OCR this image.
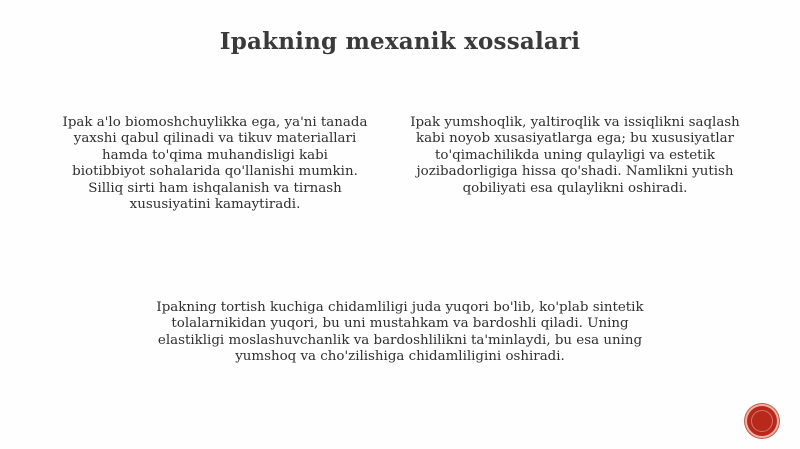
Ipakning mexanik xossalari
Ipak a'lo biomoshchuylikka ega, ya'ni tanada
yaxshi qabul qilinadi va tikuv materiallari
hamda to'qima muhandisligi kabi
biotibbiyot sohalarida qo'llanishi mumkin.
Silliq sirti ham ishqalanish va tirnash
xususiyatini kamaytiradi.
Ipak yumshoqlik, yaltiroqlik va issiqlikni saqlash
kabi noyob xusasiyatlarga ega; bu xususiyatlar
to'qimachilikda uning qulayligi va estetik
jozibadorligiga hissa qo'shadi. Namlikni yutish
qobiliyati esa qulaylikni oshiradi.
Ipakning tortish kuchiga chidamliligi juda yuqori bo'lib, ko'plab sintetik
tolalarnikidan yuqori, bu uni mustahkam va bardoshli qiladi. Uning
elastikligi moslashuvchanlik va bardoshlilikni ta'minlaydi, bu esa uning
yumshoq va cho'zilishiga chidamliligini oshiradi.
